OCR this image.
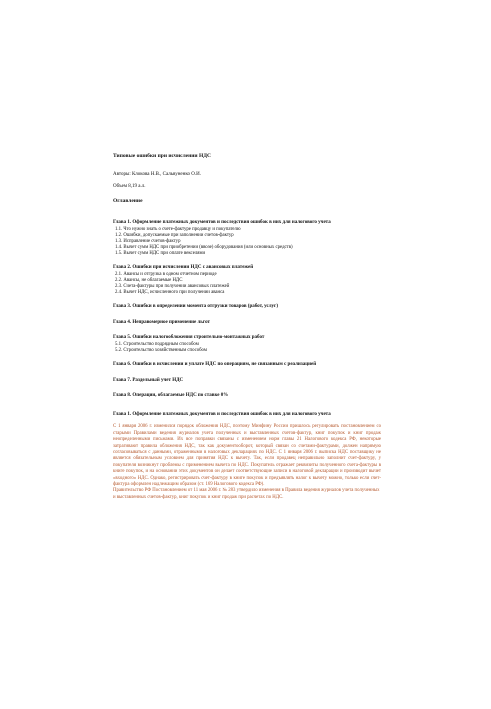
Типовые ошибки при исчислении НДС

Авторы: Клокова Н.В., Сальвуненко О.И.

Объем 8,19 а.л.

Оглавление

Глава 1. Оформление платежных документов и последствия ошибок в них для налогового учета

1.1. Что нужно знать о счете-фактуре продавцу и покупателю

1.2. Ошибки, допускаемые при заполнении счетов-фактур

1.3. Исправление счетов-фактур

1.4. Вычет сумм НДС при приобретении (ввозе) оборудования (или основных средств)

1.5. Вычет сумм НДС при оплате векселями

Глава 2. Ошибки при исчислении НДС с авансовых платежей

2.1. Авансы и отгрузка в одном отчетном периоде

2.2. Авансы, не облагаемые НДС

2.3. Счета-фактуры при получении авансовых платежей

2.4. Вычет НДС, исчисленного при получении аванса

Глава 3. Ошибки в определении момента отгрузки товаров (работ, услуг)

Глава 4. Неправомерное применение льгот

Глава 5. Ошибки налогообложения строительно-монтажных работ

5.1. Строительство подрядным способом

5.2. Строительство хозяйственным способом

Глава 6. Ошибки в исчислении и уплате НДС по операциям, не связанным с реализацией

Глава 7. Раздельный учет НДС

Глава 8. Операции, облагаемые НДС по ставке 0%

Глава 1. Оформление платежных документов и последствия ошибок в них для налогового учета

С 1 января 2006 г. изменился порядок обложения НДС, поэтому Минфину России пришлось регулировать постановлением со старыми Правилами ведения журналов учета полученных и выставленных счетов-фактур, книг покупок и книг продаж неопределенными письмами. Их все поправки связаны с изменением норм главы 21 Налогового кодекса РФ, некоторые затрагивают правила обложения НДС, так как документооборот, который связан со счетами-фактурами, должен напрямую согласовываться с данными, отраженными в налоговых декларациях по НДС. С 1 января 2006 г. выписка НДС поставщику не является обязательным условием для принятия НДС к вычету. Так, если продавец неправильно заполнит счет-фактуру, у покупателя возникнут проблемы с применением вычета по НДС. Покупатель отражает реквизиты полученного счета-фактуры в книге покупок, и на основании этих документов он делает соответствующие записи в налоговой декларации и производит вычет «входного» НДС. Однако, регистрировать счет-фактуру в книге покупок и предъявлять налог к вычету можно, только если счет-фактура оформлен надлежащим образом (ст. 169 Налогового кодекса РФ).

Правительство РФ Постановлением от 11 мая 2006 г. № 283 утвердило изменения в Правила ведения журналов учета полученных и выставленных счетов-фактур, книг покупок и книг продаж при расчетах по НДС.
